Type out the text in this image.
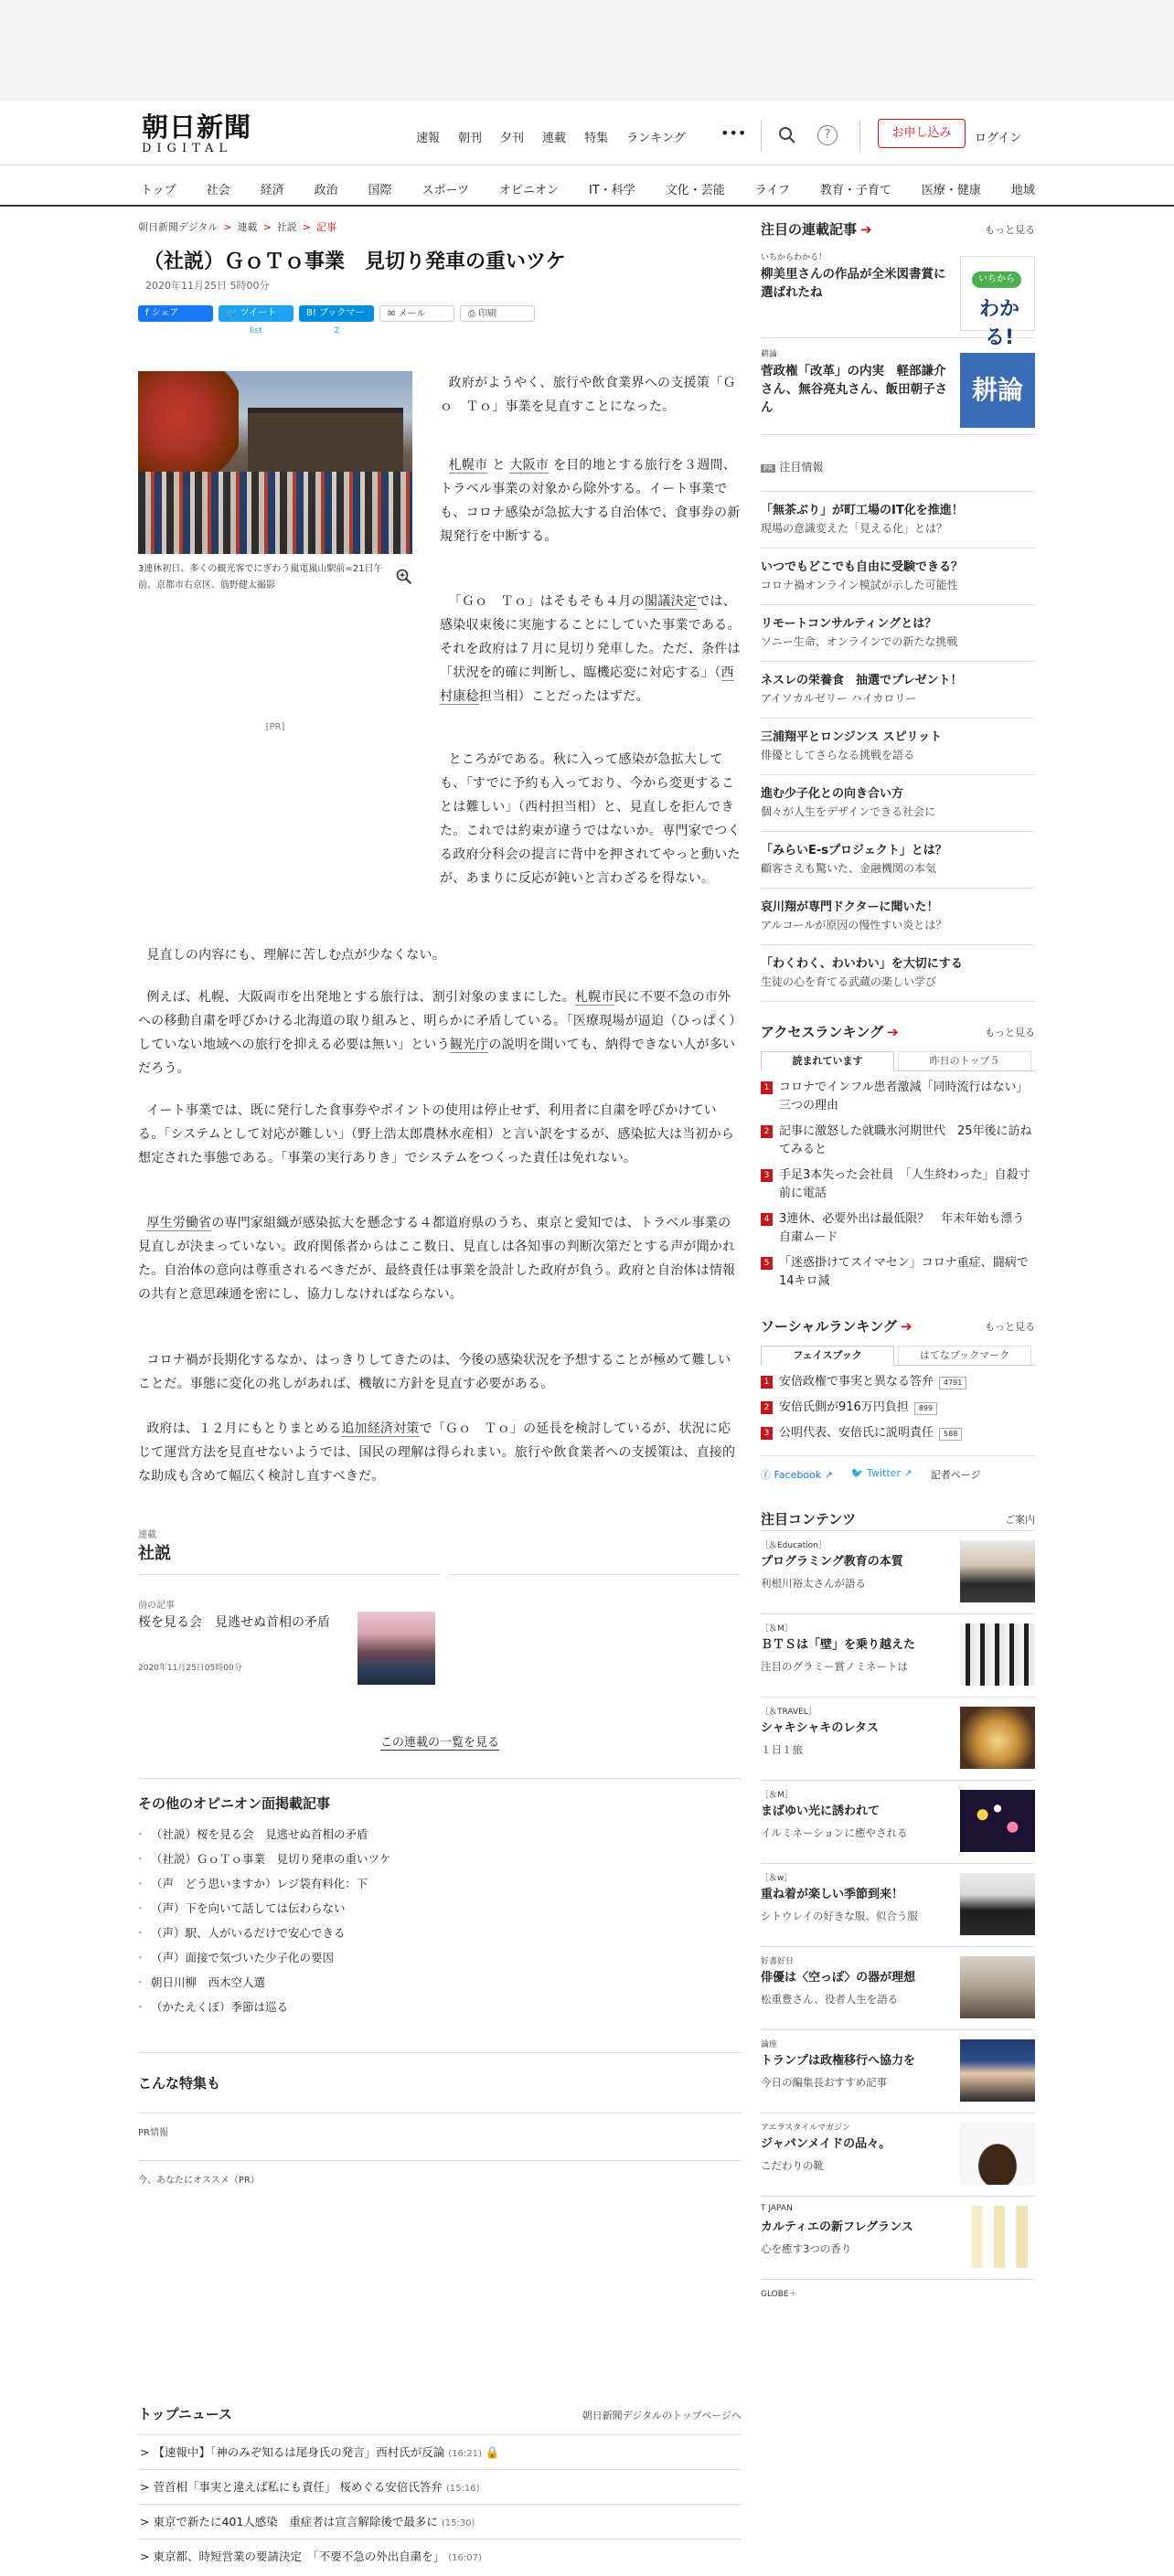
朝日新聞
DIGITAL
速報 朝刊 夕刊 連載 特集 ランキング •••	?	お申し込み	ログイン
トップ	社会	経済	政治	国際	スポーツ	オピニオン	IT・科学	文化・芸能	ライフ	教育・子育て	医療・健康	地域
朝日新聞デジタル > 連載 > 社説 > 記事
（社説）ＧｏＴｏ事業　見切り発車の重いツケ
2020年11月25日 5時00分
f シェア	🐦 ツイート
list
B! ブックマーク	2
✉ メール	⎙ 印刷
3連休初日、多くの観光客でにぎわう嵐電嵐山駅前=21日午前、京都市右京区、筋野健太撮影
[PR]

政府がようやく、旅行や飲食業界への支援策「Ｇｏ　Ｔｏ」事業を見直すことになった。

札幌市 と 大阪市 を目的地とする旅行を３週間、トラベル事業の対象から除外する。イート事業でも、コロナ感染が急拡大する自治体で、食事券の新規発行を中断する。

「Ｇｏ　Ｔｏ」はそもそも４月の閣議決定では、感染収束後に実施することにしていた事業である。それを政府は７月に見切り発車した。ただ、条件は「状況を的確に判断し、臨機応変に対応する」（西村康稔担当相）ことだったはずだ。

ところがである。秋に入って感染が急拡大しても、「すでに予約も入っており、今から変更することは難しい」（西村担当相）と、見直しを拒んできた。これでは約束が違うではないか。専門家でつくる政府分科会の提言に背中を押されてやっと動いたが、あまりに反応が鈍いと言わざるを得ない。

見直しの内容にも、理解に苦しむ点が少なくない。

例えば、札幌、大阪両市を出発地とする旅行は、割引対象のままにした。札幌市民に不要不急の市外への移動自粛を呼びかける北海道の取り組みと、明らかに矛盾している。「医療現場が逼迫（ひっぱく）していない地域への旅行を抑える必要は無い」という観光庁の説明を聞いても、納得できない人が多いだろう。

イート事業では、既に発行した食事券やポイントの使用は停止せず、利用者に自粛を呼びかけている。「システムとして対応が難しい」（野上浩太郎農林水産相）と言い訳をするが、感染拡大は当初から想定された事態である。「事業の実行ありき」でシステムをつくった責任は免れない。

厚生労働省の専門家組織が感染拡大を懸念する４都道府県のうち、東京と愛知では、トラベル事業の見直しが決まっていない。政府関係者からはここ数日、見直しは各知事の判断次第だとする声が聞かれた。自治体の意向は尊重されるべきだが、最終責任は事業を設計した政府が負う。政府と自治体は情報の共有と意思疎通を密にし、協力しなければならない。

コロナ禍が長期化するなか、はっきりしてきたのは、今後の感染状況を予想することが極めて難しいことだ。事態に変化の兆しがあれば、機敏に方針を見直す必要がある。

政府は、１２月にもとりまとめる追加経済対策で「Ｇｏ　Ｔｏ」の延長を検討しているが、状況に応じて運営方法を見直せないようでは、国民の理解は得られまい。旅行や飲食業者への支援策は、直接的な助成も含めて幅広く検討し直すべきだ。

連載
社説
前の記事
桜を見る会　見逃せぬ首相の矛盾
2020年11月25日05時00分
この連載の一覧を見る
その他のオピニオン面掲載記事
・ （社説）桜を見る会　見逃せぬ首相の矛盾
・ （社説）ＧｏＴｏ事業　見切り発車の重いツケ
・ （声　どう思いますか）レジ袋有料化：下
・ （声）下を向いて話しては伝わらない
・ （声）駅、人がいるだけで安心できる
・ （声）面接で気づいた少子化の要因
・ 朝日川柳　西木空人選
・ （かたえくぼ）季節は巡る
こんな特集も
PR情報
今、あなたにオススメ（PR）
トップニュース	朝日新聞デジタルのトップページへ
> 【速報中】「神のみぞ知るは尾身氏の発言」西村氏が反論 (16:21) 🔒
> 菅首相「事実と違えば私にも責任」 桜めぐる安倍氏答弁 (15:16)
> 東京で新たに401人感染　重症者は宣言解除後で最多に (15:30)
> 東京都、時短営業の要請決定　「不要不急の外出自粛を」 (16:07)
注目の連載記事 ➔	もっと見る
いちからわかる！
柳美里さんの作品が全米図書賞に選ばれたね
いちから
わかる!
耕論
菅政権「改革」の内実　軽部謙介さん、無谷亮丸さん、飯田朝子さん
耕論
PR 注目情報
「無茶ぶり」が町工場のIT化を推進！
現場の意識変えた「見える化」とは？
いつでもどこでも自由に受験できる？
コロナ禍オンライン模試が示した可能性
リモートコンサルティングとは？
ソニー生命、オンラインでの新たな挑戦
ネスレの栄養食　抽選でプレゼント！
アイソカルゼリー ハイカロリー
三浦翔平とロンジンス スピリット
俳優としてさらなる挑戦を語る
進む少子化との向き合い方
個々が人生をデザインできる社会に
「みらいE-sプロジェクト」とは？
顧客さえも驚いた、金融機関の本気
哀川翔が専門ドクターに聞いた！
アルコールが原因の慢性すい炎とは？
「わくわく、わいわい」を大切にする
生徒の心を育てる武蔵の楽しい学び
アクセスランキング ➔	もっと見る
読まれています	昨日のトップ５
1 コロナでインフル患者激減「同時流行はない」三つの理由
2 記事に激怒した就職氷河期世代　25年後に訪ねてみると
3 手足3本失った会社員　「人生終わった」自殺寸前に電話
4 3連休、必要外出は最低限？　年末年始も漂う自粛ムード
5 「迷惑掛けてスイマセン」コロナ重症、闘病で14キロ減
ソーシャルランキング ➔	もっと見る
フェイスブック	はてなブックマーク
1 安倍政権で事実と異なる答弁 4791
2 安倍氏側が916万円負担 899
3 公明代表、安倍氏に説明責任 588
ⓕ Facebook ↗ 🐦 Twitter ↗ 記者ページ
注目コンテンツ	ご案内
［＆Education］
プログラミング教育の本質
利根川裕太さんが語る
［＆M］
ＢＴＳは「壁」を乗り越えた
注目のグラミー賞ノミネートは
［＆TRAVEL］
シャキシャキのレタス
１日１旅
［＆M］
まばゆい光に誘われて
イルミネーションに癒やされる
［＆w］
重ね着が楽しい季節到来！
シトウレイの好きな服、似合う服
好書好日
俳優は〈空っぽ〉の器が理想
松重豊さん、役者人生を語る
論座
トランプは政権移行へ協力を
今日の編集長おすすめ記事
アエラスタイルマガジン
ジャパンメイドの品々。
こだわりの靴
T JAPAN
カルティエの新フレグランス
心を癒す3つの香り
GLOBE＋
